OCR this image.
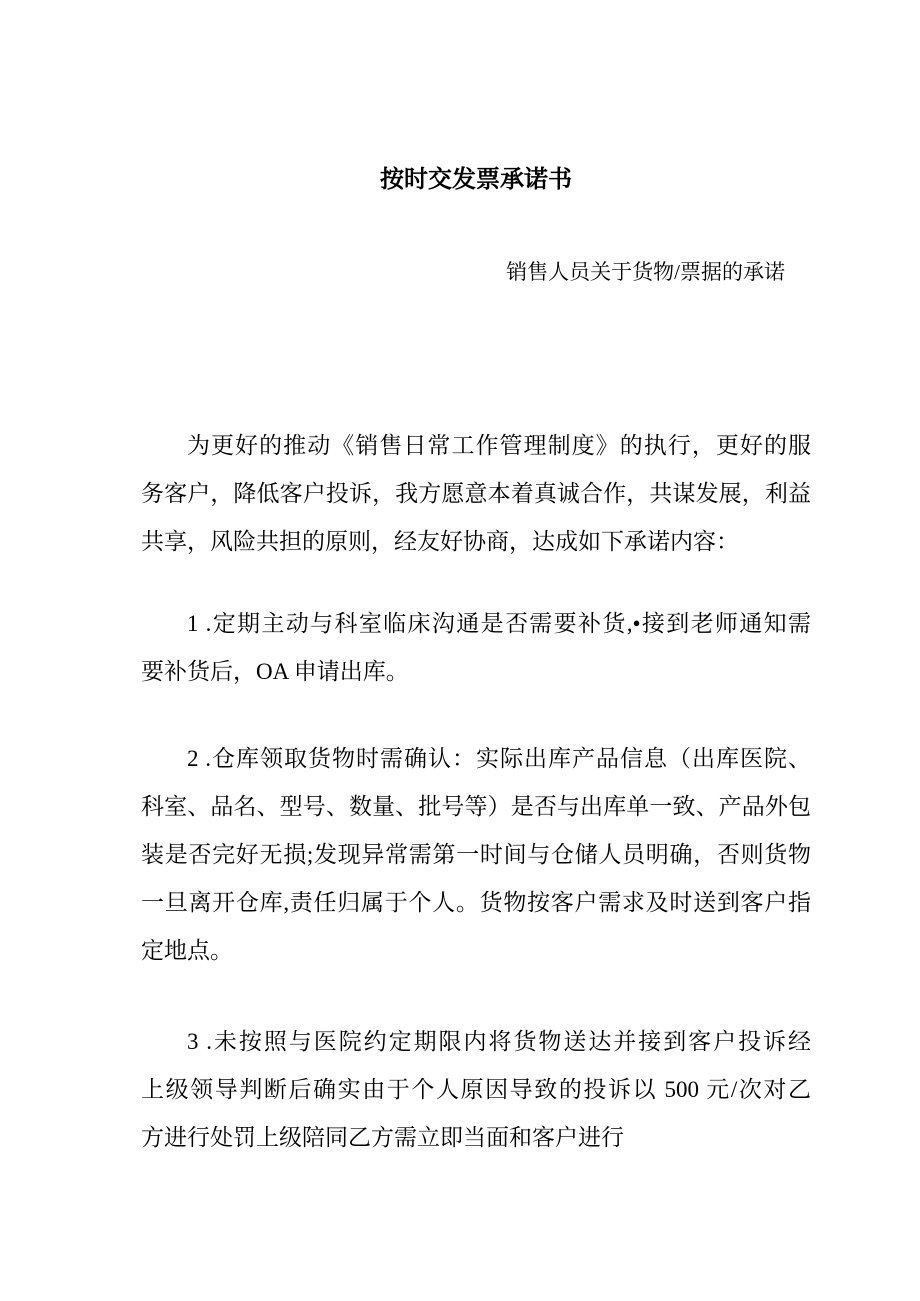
按时交发票承诺书
销售人员关于货物/票据的承诺
为更好的推动《销售日常工作管理制度》的执行，更好的服
务客户，降低客户投诉，我方愿意本着真诚合作，共谋发展，利益
共享，风险共担的原则，经友好协商，达成如下承诺内容：
1 .定期主动与科室临床沟通是否需要补货,•接到老师通知需
要补货后，OA 申请出库。
2 .仓库领取货物时需确认：实际出库产品信息（出库医院、
科室、品名、型号、数量、批号等）是否与出库单一致、产品外包
装是否完好无损;发现异常需第一时间与仓储人员明确，否则货物
一旦离开仓库,责任归属于个人。货物按客户需求及时送到客户指
定地点。
3 .未按照与医院约定期限内将货物送达并接到客户投诉经
上级领导判断后确实由于个人原因导致的投诉以 500 元/次对乙
方进行处罚上级陪同乙方需立即当面和客户进行
